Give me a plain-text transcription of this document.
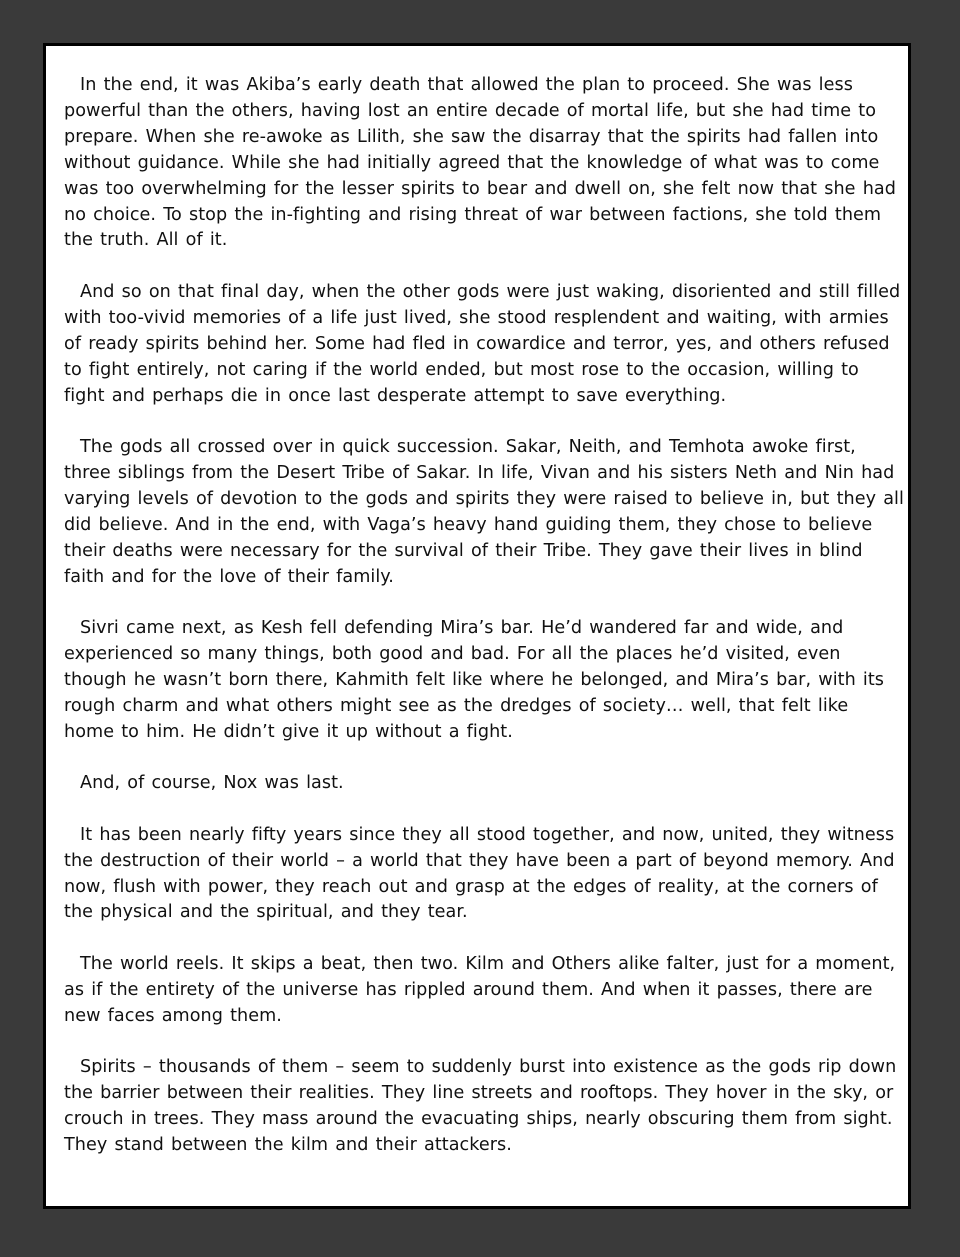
In the end, it was Akiba’s early death that allowed the plan to proceed. She was less powerful than the others, having lost an entire decade of mortal life, but she had time to prepare. When she re-awoke as Lilith, she saw the disarray that the spirits had fallen into without guidance. While she had initially agreed that the knowledge of what was to come was too overwhelming for the lesser spirits to bear and dwell on, she felt now that she had no choice. To stop the in-fighting and rising threat of war between factions, she told them the truth. All of it.

And so on that final day, when the other gods were just waking, disoriented and still filled with too-vivid memories of a life just lived, she stood resplendent and waiting, with armies of ready spirits behind her. Some had fled in cowardice and terror, yes, and others refused to fight entirely, not caring if the world ended, but most rose to the occasion, willing to fight and perhaps die in once last desperate attempt to save everything.

The gods all crossed over in quick succession. Sakar, Neith, and Temhota awoke first, three siblings from the Desert Tribe of Sakar. In life, Vivan and his sisters Neth and Nin had varying levels of devotion to the gods and spirits they were raised to believe in, but they all did believe. And in the end, with Vaga’s heavy hand guiding them, they chose to believe their deaths were necessary for the survival of their Tribe. They gave their lives in blind faith and for the love of their family.

Sivri came next, as Kesh fell defending Mira’s bar. He’d wandered far and wide, and experienced so many things, both good and bad. For all the places he’d visited, even though he wasn’t born there, Kahmith felt like where he belonged, and Mira’s bar, with its rough charm and what others might see as the dredges of society… well, that felt like home to him. He didn’t give it up without a fight.

And, of course, Nox was last.

It has been nearly fifty years since they all stood together, and now, united, they witness the destruction of their world – a world that they have been a part of beyond memory. And now, flush with power, they reach out and grasp at the edges of reality, at the corners of the physical and the spiritual, and they tear.

The world reels. It skips a beat, then two. Kilm and Others alike falter, just for a moment, as if the entirety of the universe has rippled around them. And when it passes, there are new faces among them.

Spirits – thousands of them – seem to suddenly burst into existence as the gods rip down the barrier between their realities. They line streets and rooftops. They hover in the sky, or crouch in trees. They mass around the evacuating ships, nearly obscuring them from sight. They stand between the kilm and their attackers.
